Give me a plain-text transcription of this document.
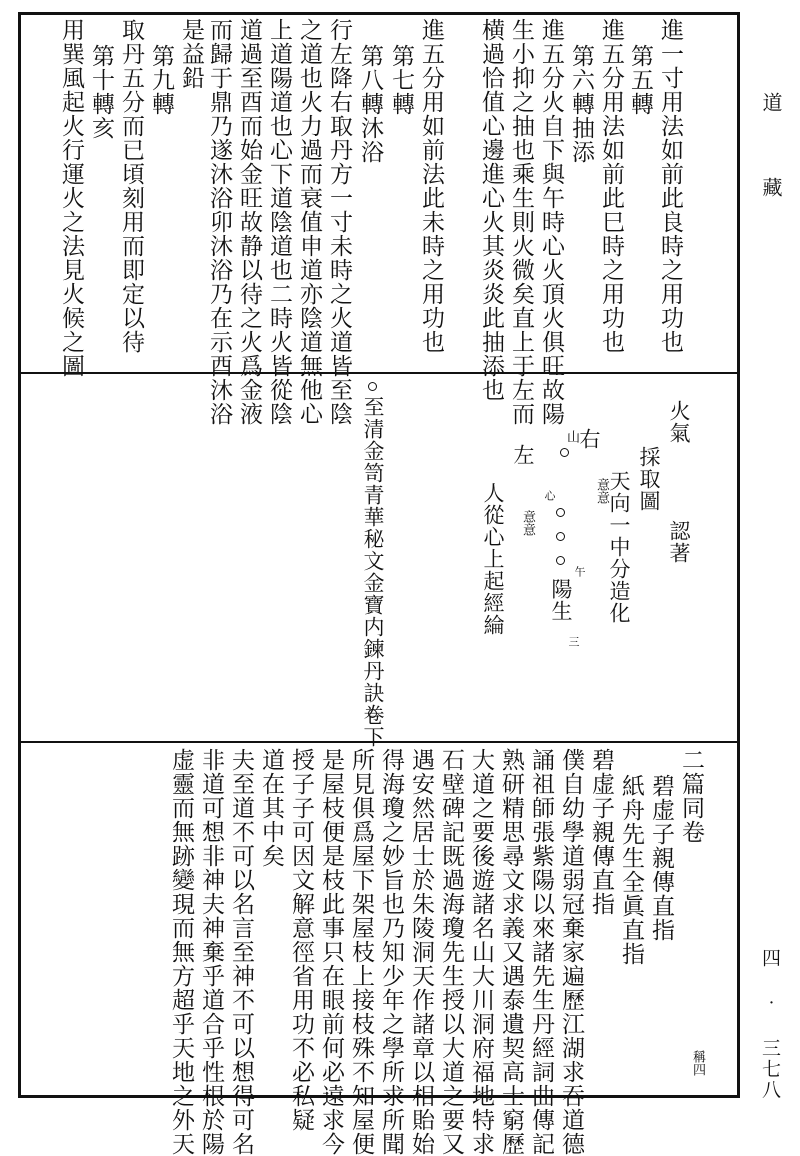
道
藏
四 ‧ 三七八
進一寸用法如前此良時之用功也
第五轉
進五分用法如前此巳時之用功也
第六轉抽添
進五分火自下與午時心火頂火俱旺故陽
生小抑之抽也乘生則火微矣直上于左而
横過恰值心邊進心火其炎炎此抽添也
進五分用如前法此未時之用功也
第七轉
第八轉沐浴
行左降右取丹方一寸未時之火道皆至陰
之道也火力過而衰值申道亦陰道無他心
上道陽道也心下道陰道也二時火皆從陰
道過至酉而始金旺故静以待之火爲金液
而歸于鼎乃遂沐浴卯沐浴乃在示酉沐浴
是益鉛
第九轉
取丹五分而已頃刻用而即定以待
第十轉亥
用巽風起火行運火之法見火候之圖
至清金笥青華秘文金寶内鍊丹訣卷下	火氣
採取圖
認著
意意
天向一中分造化
右
山
午
陽生
三
左
心
意意
人從心上起經綸
稱四
二篇同卷
碧虚子親傳直指
紙舟先生全眞直指
碧虚子親傳直指
僕自幼學道弱冠棄家遍歷江湖求吞道德
誦祖師張紫陽以來諸先生丹經詞曲傳記
熟研精思尋文求義又遇泰遺契高士窮歷
大道之要後遊諸名山大川洞府福地特求
石壁碑記既過海瓊先生授以大道之要又
遇安然居士於朱陵洞天作諸章以相貽始
得海瓊之妙旨也乃知少年之學所求所聞
所見俱爲屋下架屋枝上接枝殊不知屋便
是屋枝便是枝此事只在眼前何必遠求今
授子子可因文解意徑省用功不必私疑
道在其中矣
夫至道不可以名言至神不可以想得可名
非道可想非神夫神棄乎道合乎性根於陽
虚靈而無跡變現而無方超乎天地之外天
